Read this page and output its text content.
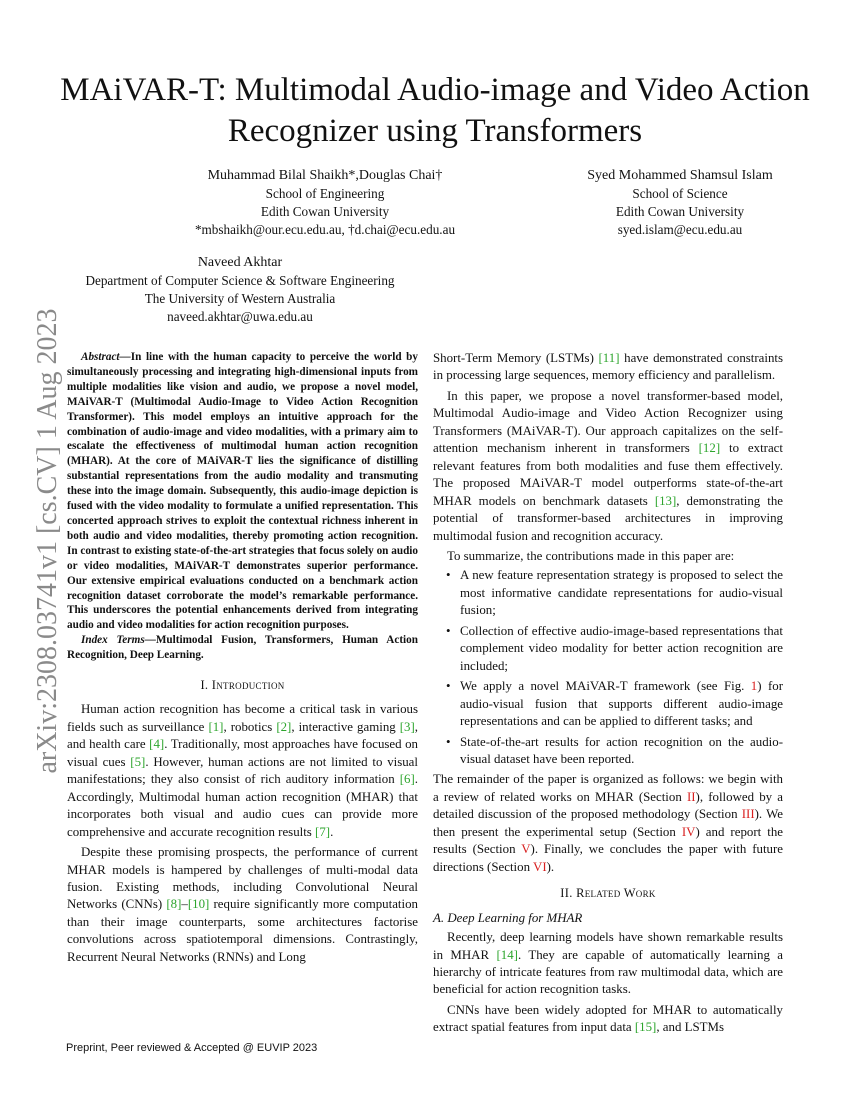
arXiv:2308.03741v1 [cs.CV] 1 Aug 2023
MAiVAR-T: Multimodal Audio-image and Video Action Recognizer using Transformers
Muhammad Bilal Shaikh*,Douglas Chai†
School of Engineering
Edith Cowan University
*mbshaikh@our.ecu.edu.au, †d.chai@ecu.edu.au
Syed Mohammed Shamsul Islam
School of Science
Edith Cowan University
syed.islam@ecu.edu.au
Naveed Akhtar
Department of Computer Science & Software Engineering
The University of Western Australia
naveed.akhtar@uwa.edu.au

Abstract—In line with the human capacity to perceive the world by simultaneously processing and integrating high-dimensional inputs from multiple modalities like vision and audio, we propose a novel model, MAiVAR-T (Multimodal Audio-Image to Video Action Recognition Transformer). This model employs an intuitive approach for the combination of audio-image and video modalities, with a primary aim to escalate the effectiveness of multimodal human action recognition (MHAR). At the core of MAiVAR-T lies the significance of distilling substantial representations from the audio modality and transmuting these into the image domain. Subsequently, this audio-image depiction is fused with the video modality to formulate a unified representation. This concerted approach strives to exploit the contextual richness inherent in both audio and video modalities, thereby promoting action recognition. In contrast to existing state-of-the-art strategies that focus solely on audio or video modalities, MAiVAR-T demonstrates superior performance. Our extensive empirical evaluations conducted on a benchmark action recognition dataset corroborate the model’s remarkable performance. This underscores the potential enhancements derived from integrating audio and video modalities for action recognition purposes.

Index Terms—Multimodal Fusion, Transformers, Human Action Recognition, Deep Learning.

I. Introduction

Human action recognition has become a critical task in various fields such as surveillance [1], robotics [2], interactive gaming [3], and health care [4]. Traditionally, most approaches have focused on visual cues [5]. However, human actions are not limited to visual manifestations; they also consist of rich auditory information [6]. Accordingly, Multimodal human action recognition (MHAR) that incorporates both visual and audio cues can provide more comprehensive and accurate recognition results [7].

Despite these promising prospects, the performance of current MHAR models is hampered by challenges of multi-modal data fusion. Existing methods, including Convolutional Neural Networks (CNNs) [8]–[10] require significantly more computation than their image counterparts, some architectures factorise convolutions across spatiotemporal dimensions. Contrastingly, Recurrent Neural Networks (RNNs) and Long

Short-Term Memory (LSTMs) [11] have demonstrated constraints in processing large sequences, memory efficiency and parallelism.

In this paper, we propose a novel transformer-based model, Multimodal Audio-image and Video Action Recognizer using Transformers (MAiVAR-T). Our approach capitalizes on the self-attention mechanism inherent in transformers [12] to extract relevant features from both modalities and fuse them effectively. The proposed MAiVAR-T model outperforms state-of-the-art MHAR models on benchmark datasets [13], demonstrating the potential of transformer-based architectures in improving multimodal fusion and recognition accuracy.

To summarize, the contributions made in this paper are:

• A new feature representation strategy is proposed to select the most informative candidate representations for audio-visual fusion;
• Collection of effective audio-image-based representations that complement video modality for better action recognition are included;
• We apply a novel MAiVAR-T framework (see Fig. 1) for audio-visual fusion that supports different audio-image representations and can be applied to different tasks; and
• State-of-the-art results for action recognition on the audio-visual dataset have been reported.

The remainder of the paper is organized as follows: we begin with a review of related works on MHAR (Section II), followed by a detailed discussion of the proposed methodology (Section III). We then present the experimental setup (Section IV) and report the results (Section V). Finally, we concludes the paper with future directions (Section VI).

II. Related Work
A. Deep Learning for MHAR

Recently, deep learning models have shown remarkable results in MHAR [14]. They are capable of automatically learning a hierarchy of intricate features from raw multimodal data, which are beneficial for action recognition tasks.

CNNs have been widely adopted for MHAR to automatically extract spatial features from input data [15], and LSTMs

Preprint, Peer reviewed & Accepted @ EUVIP 2023
